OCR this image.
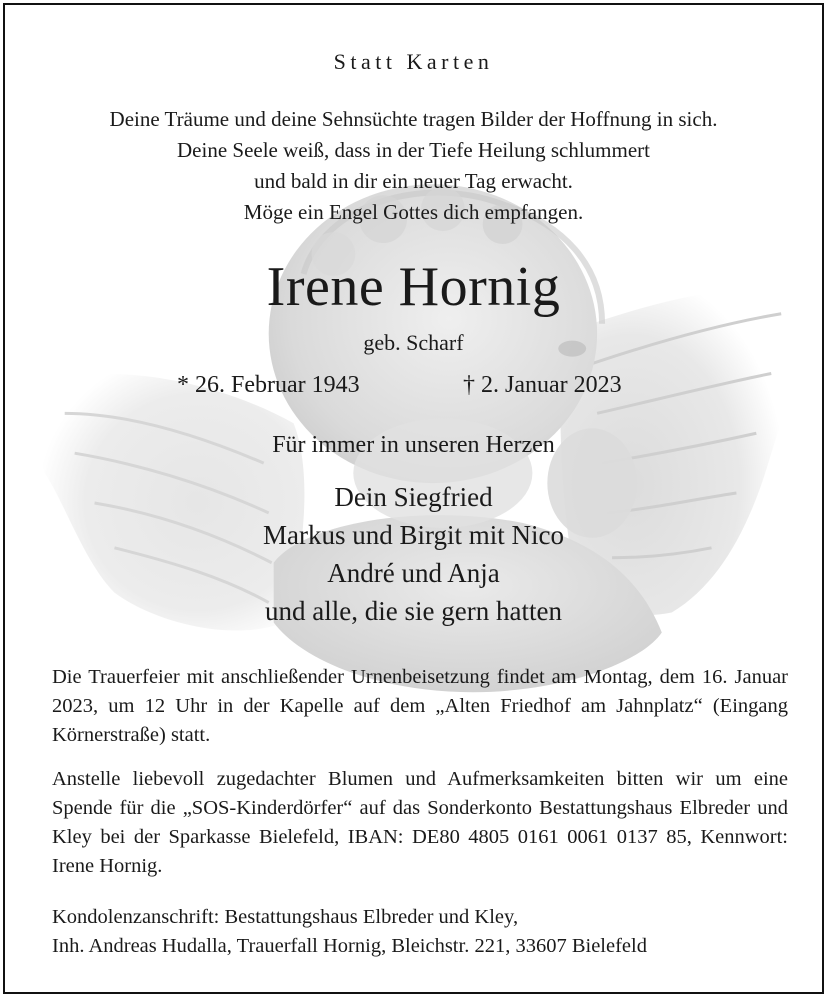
Statt Karten
Deine Träume und deine Sehnsüchte tragen Bilder der Hoffnung in sich.
Deine Seele weiß, dass in der Tiefe Heilung schlummert
und bald in dir ein neuer Tag erwacht.
Möge ein Engel Gottes dich empfangen.
Irene Hornig
geb. Scharf
* 26. Februar 1943	† 2. Januar 2023
Für immer in unseren Herzen
Dein Siegfried
Markus und Birgit mit Nico
André und Anja
und alle, die sie gern hatten
Die Trauerfeier mit anschließender Urnenbeisetzung findet am Montag, dem 16. Januar 2023, um 12 Uhr in der Kapelle auf dem „Alten Friedhof am Jahnplatz“ (Eingang Körnerstraße) statt.
Anstelle liebevoll zugedachter Blumen und Aufmerksamkeiten bitten wir um eine Spende für die „SOS-Kinderdörfer“ auf das Sonderkonto Bestattungshaus Elbreder und Kley bei der Sparkasse Bielefeld, IBAN: DE80 4805 0161 0061 0137 85, Kennwort: Irene Hornig.
Kondolenzanschrift: Bestattungshaus Elbreder und Kley,
Inh. Andreas Hudalla, Trauerfall Hornig, Bleichstr. 221, 33607 Bielefeld
